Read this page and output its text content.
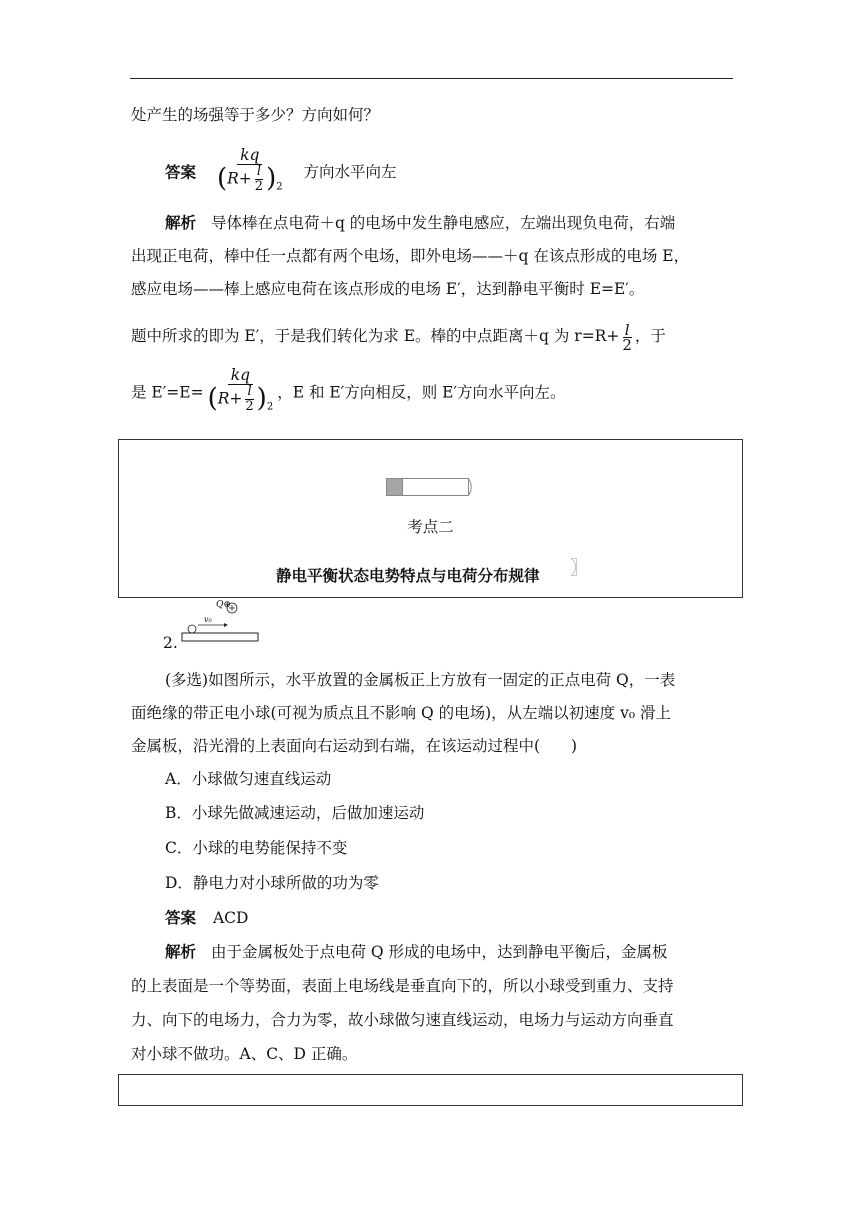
处产生的场强等于多少？方向如何？
答案 $\frac{kq}{(R+ \frac{l}{2} )_2}$ 方向水平向左
解析 导体棒在点电荷＋q 的电场中发生静电感应，左端出现负电荷，右端
出现正电荷，棒中任一点都有两个电场，即外电场——＋q 在该点形成的电场 E，
感应电场——棒上感应电荷在该点形成的电场 E′，达到静电平衡时 E=E′。
题中所求的即为 E′，于是我们转化为求 E。棒的中点距离＋q 为 $r=R+ \frac{l}{2}$ ，于
是 $E'=E= \frac{kq}{(R+ \frac{l}{2} )_2}$ ，E 和 E′方向相反，则 E′方向水平向左。
考点二
静电平衡状态电势特点与电荷分布规律 〗
2.
Q⊕
v₀
(多选)如图所示，水平放置的金属板正上方放有一固定的正点电荷 Q，一表
面绝缘的带正电小球(可视为质点且不影响 Q 的电场)，从左端以初速度 v₀ 滑上
金属板，沿光滑的上表面向右运动到右端，在该运动过程中(　　)
A．小球做匀速直线运动
B．小球先做减速运动，后做加速运动
C．小球的电势能保持不变
D．静电力对小球所做的功为零
答案 ACD
解析 由于金属板处于点电荷 Q 形成的电场中，达到静电平衡后，金属板
的上表面是一个等势面，表面上电场线是垂直向下的，所以小球受到重力、支持
力、向下的电场力，合力为零，故小球做匀速直线运动，电场力与运动方向垂直
对小球不做功。A、C、D 正确。
